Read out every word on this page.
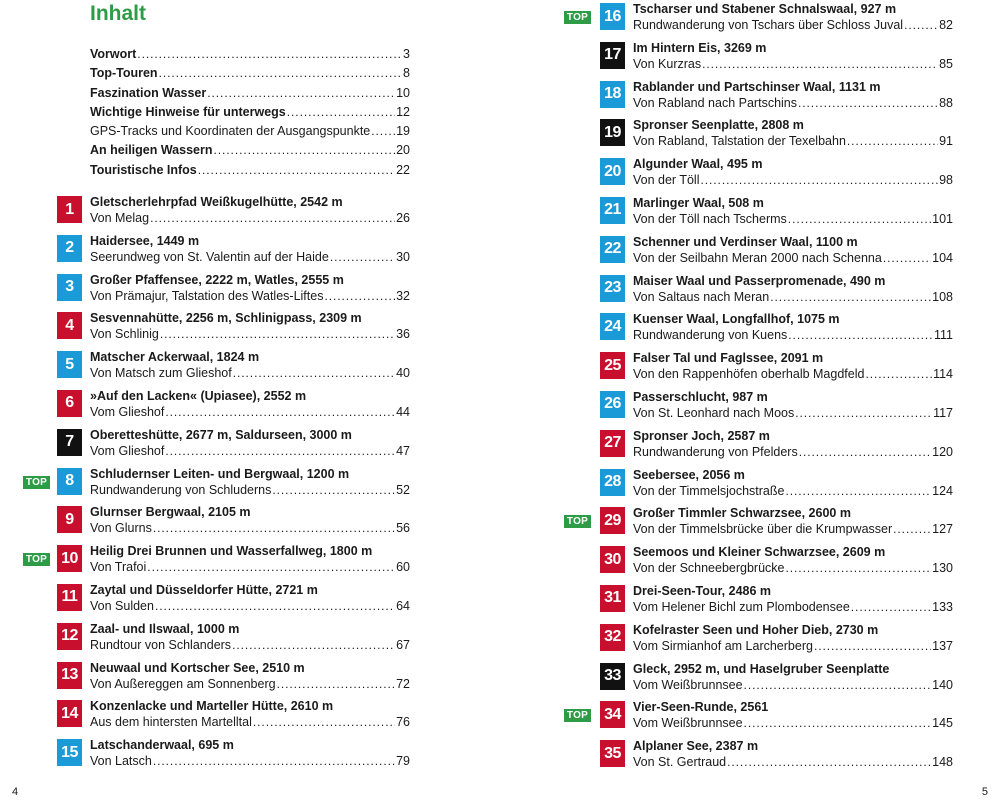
Inhalt
Vorwort . . .	3
Top-Touren . . .	8
Faszination Wasser . . .	10
Wichtige Hinweise für unterwegs . . .	12
GPS-Tracks und Koordinaten der Ausgangspunkte . . . 19
An heiligen Wassern . . .	20
Touristische Infos . . .	22
1	Gletscherlehrpfad Weißkugelhütte, 2542 m
Von Melag . . .	26
2	Haidersee, 1449 m
Seerundweg von St. Valentin auf der Haide . . .	30
3	Großer Pfaffensee, 2222 m, Watles, 2555 m
Von Prämajur, Talstation des Watles-Liftes . . .	32
4	Sesvennahütte, 2256 m, Schlinigpass, 2309 m
Von Schlinig . . .	36
5	Matscher Ackerwaal, 1824 m
Von Matsch zum Glieshof . . .	40
6	»Auf den Lacken« (Upiasee), 2552 m
Vom Glieshof . . .	44
7	Oberetteshütte, 2677 m, Saldurseen, 3000 m
Vom Glieshof . . .	47
TOP	8	Schludernser Leiten- und Bergwaal, 1200 m
Rundwanderung von Schluderns . . .	52
9	Glurnser Bergwaal, 2105 m
Von Glurns . . .	56
TOP 10 Heilig Drei Brunnen und Wasserfallweg, 1800 m
Von Trafoi . . .	60
11	Zaytal und Düsseldorfer Hütte, 2721 m
Von Sulden . . .	64
12 Zaal- und Ilswaal, 1000 m
Rundtour von Schlanders . . .	67
13 Neuwaal und Kortscher See, 2510 m
Von Außereggen am Sonnenberg . . .	72
14 Konzenlacke und Marteller Hütte, 2610 m
Aus dem hintersten Martelltal . . .	76
15 Latschanderwaal, 695 m
Von Latsch . . .	79
TOP 16 Tscharser und Stabener Schnalswaal, 927 m
Rundwanderung von Tschars über Schloss Juval . . .	82
17 Im Hintern Eis, 3269 m
Von Kurzras . . .	85
18 Rablander und Partschinser Waal, 1131 m
Von Rabland nach Partschins . . .	88
19 Spronser Seenplatte, 2808 m
Von Rabland, Talstation der Texelbahn . . .	91
20 Algunder Waal, 495 m
Von der Töll . . .	98
21 Marlinger Waal, 508 m
Von der Töll nach Tscherms . . .	101
22 Schenner und Verdinser Waal, 1100 m
Von der Seilbahn Meran 2000 nach Schenna . . .	104
23 Maiser Waal und Passerpromenade, 490 m
Von Saltaus nach Meran . . .	108
24 Kuenser Waal, Longfallhof, 1075 m
Rundwanderung von Kuens . . .	111
25 Falser Tal und Faglssee, 2091 m
Von den Rappenhöfen oberhalb Magdfeld . . .	114
26 Passerschlucht, 987 m
Von St. Leonhard nach Moos . . .	117
27 Spronser Joch, 2587 m
Rundwanderung von Pfelders . . .	120
28 Seebersee, 2056 m
Von der Timmelsjochstraße . . .	124
TOP 29 Großer Timmler Schwarzsee, 2600 m
Von der Timmelsbrücke über die Krumpwasser . . .	127
30 Seemoos und Kleiner Schwarzsee, 2609 m
Von der Schneebergbrücke . . .	130
31 Drei-Seen-Tour, 2486 m
Vom Helener Bichl zum Plombodensee . . .	133
32 Kofelraster Seen und Hoher Dieb, 2730 m
Vom Sirmianhof am Larcherberg . . .	137
33 Gleck, 2952 m, und Haselgruber Seenplatte
Vom Weißbrunnsee . . .	140
TOP 34 Vier-Seen-Runde, 2561
Vom Weißbrunnsee . . .	145
35 Alplaner See, 2387 m
Von St. Gertraud . . .	148
4	5
